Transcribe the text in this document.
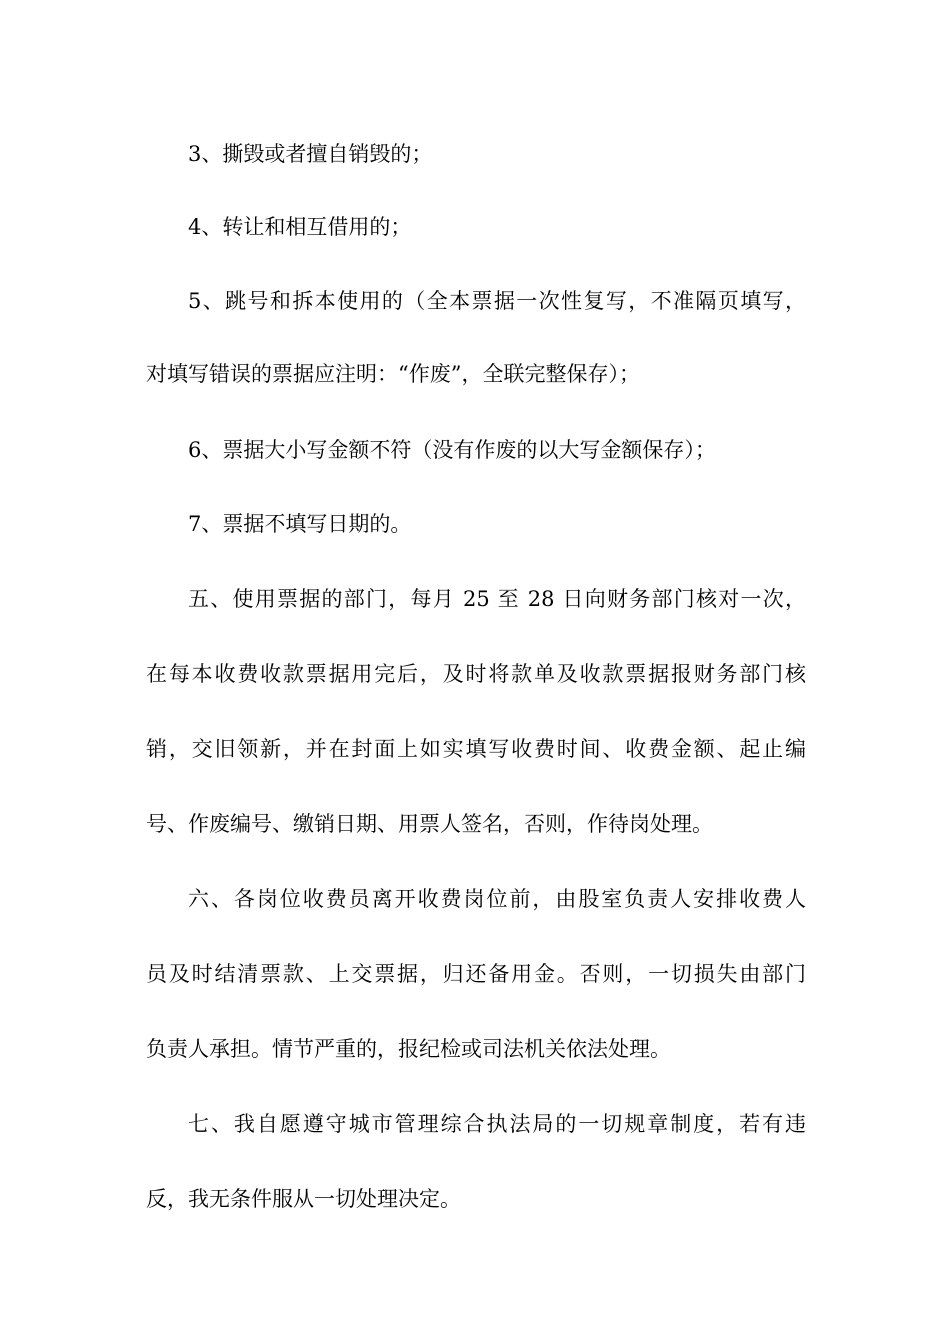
3、撕毁或者擅自销毁的；
4、转让和相互借用的；
5、跳号和拆本使用的（全本票据一次性复写，不准隔页填写，
对填写错误的票据应注明：“作废”，全联完整保存）；
6、票据大小写金额不符（没有作废的以大写金额保存）；
7、票据不填写日期的。
五、使用票据的部门，每月 25 至 28 日向财务部门核对一次，
在每本收费收款票据用完后，及时将款单及收款票据报财务部门核
销，交旧领新，并在封面上如实填写收费时间、收费金额、起止编
号、作废编号、缴销日期、用票人签名，否则，作待岗处理。
六、各岗位收费员离开收费岗位前，由股室负责人安排收费人
员及时结清票款、上交票据，归还备用金。否则，一切损失由部门
负责人承担。情节严重的，报纪检或司法机关依法处理。
七、我自愿遵守城市管理综合执法局的一切规章制度，若有违
反，我无条件服从一切处理决定。
